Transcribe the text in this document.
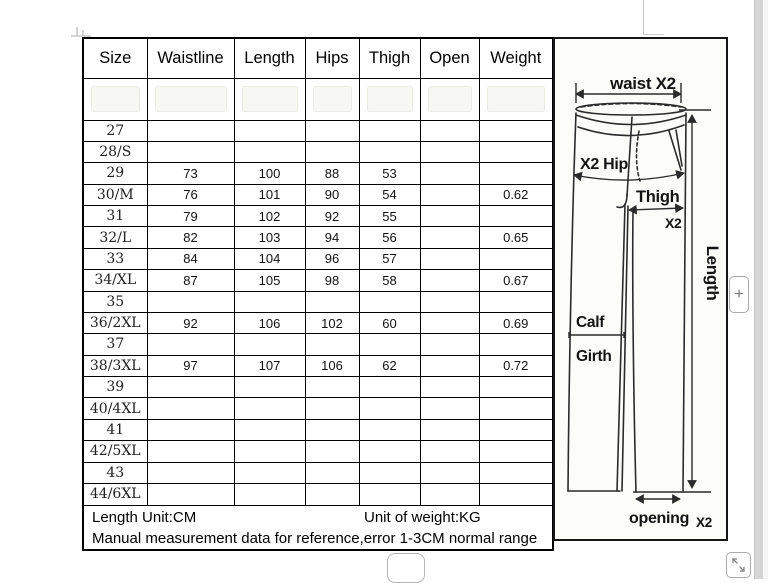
Size	Waistline	Length	Hips	Thigh	Open	Weight

27						
28/S						
29	73	100	88	53		
30/M	76	101	90	54		0.62
31	79	102	92	55		
32/L	82	103	94	56		0.65
33	84	104	96	57		
34/XL	87	105	98	58		0.67
35						
36/2XL	92	106	102	60		0.69
37						
38/3XL	97	107	106	62		0.72
39						
40/4XL						
41						
42/5XL						
43						
44/6XL						

Length Unit:CM Unit of weight:KG
Manual measurement data for reference,error 1-3CM normal range						
waist X2
X2 Hip
Thigh
X2
Length
Calf
Girth
opening X2
+
